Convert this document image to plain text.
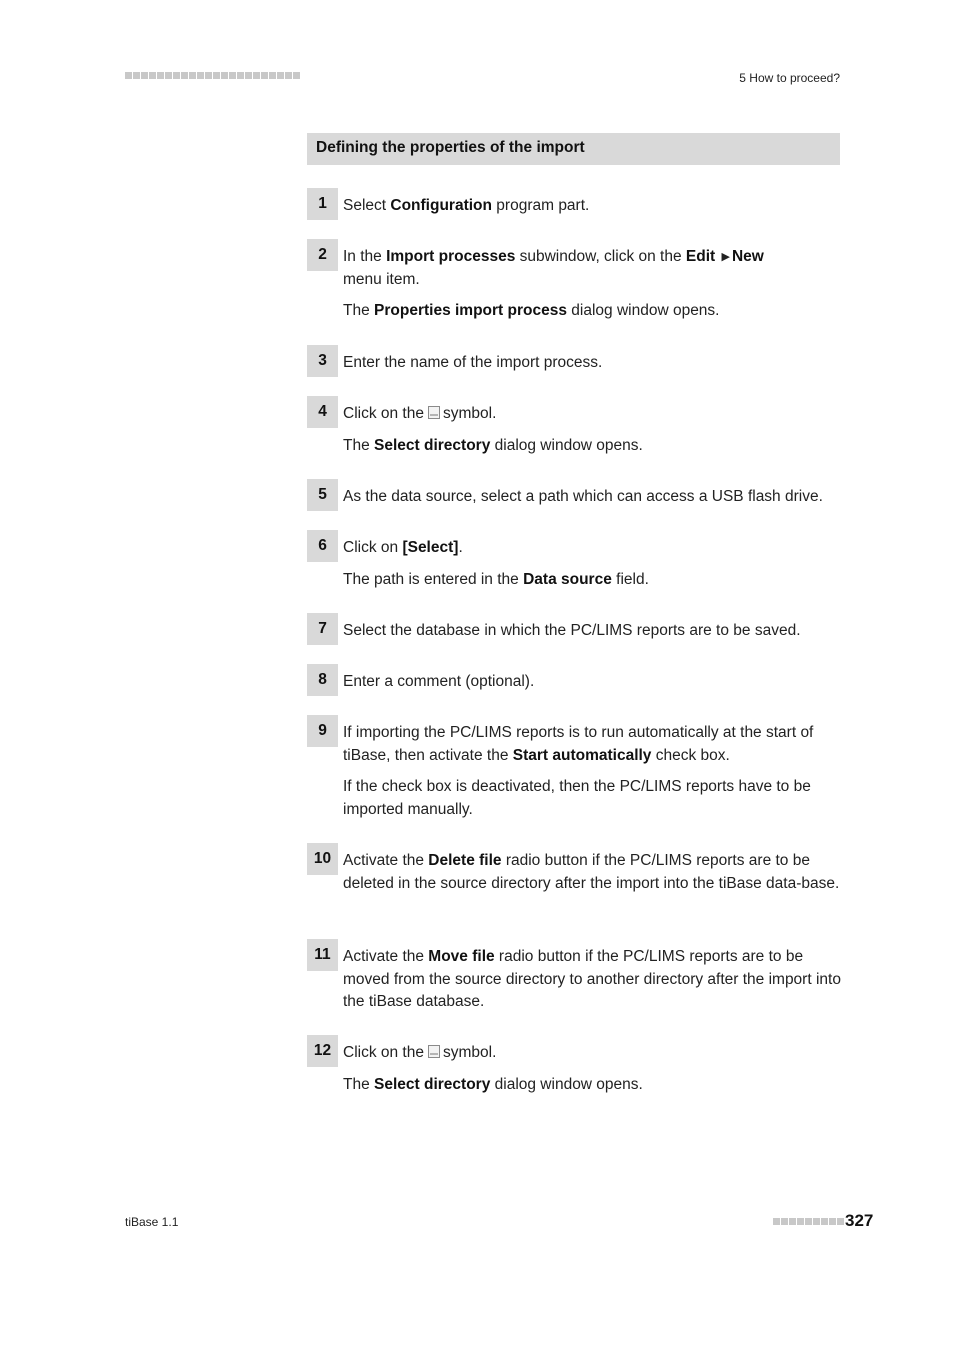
5 How to proceed?
Defining the properties of the import
1	Select Configuration program part.
2	In the Import processes subwindow, click on the Edit ▶ New
menu item.
The Properties import process dialog window opens.
3	Enter the name of the import process.
4	Click on the symbol.
The Select directory dialog window opens.
5	As the data source, select a path which can access a USB flash drive.
6	Click on [Select].
The path is entered in the Data source field.
7	Select the database in which the PC/LIMS reports are to be saved.
8	Enter a comment (optional).
9	If importing the PC/LIMS reports is to run automatically at the start of tiBase, then activate the Start automatically check box.
If the check box is deactivated, then the PC/LIMS reports have to be imported manually.
10 Activate the Delete file radio button if the PC/LIMS reports are to be deleted in the source directory after the import into the tiBase data-base.
11 Activate the Move file radio button if the PC/LIMS reports are to be moved from the source directory to another directory after the import into the tiBase database.
12 Click on the symbol.
The Select directory dialog window opens.
tiBase 1.1	327
